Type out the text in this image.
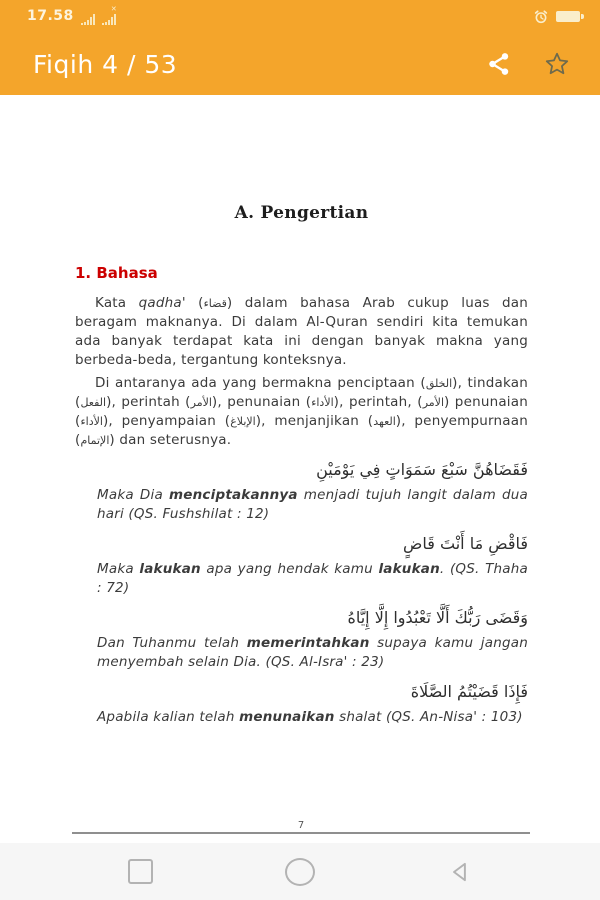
17.58	✕
Fiqih 4 / 53
A. Pengertian
1. Bahasa

Kata qadha' (قضاء) dalam bahasa Arab cukup luas dan beragam maknanya. Di dalam Al-Quran sendiri kita temukan ada banyak terdapat kata ini dengan banyak makna yang berbeda-beda, tergantung konteksnya.

Di antaranya ada yang bermakna penciptaan (الخلق), tindakan (الفعل), perintah (الأمر), penunaian (الأداء), perintah, (الأمر) penunaian (الأداء), penyampaian (الإبلاغ), menjanjikan (العهد), penyempurnaan (الإتمام) dan seterusnya.

فَقَضَاهُنَّ سَبْعَ سَمَوَاتٍ فِي يَوْمَيْنِ

Maka Dia menciptakannya menjadi tujuh langit dalam dua hari (QS. Fushshilat : 12)

فَاقْضِ مَا أَنْتَ قَاضٍ

Maka lakukan apa yang hendak kamu lakukan. (QS. Thaha : 72)

وَقَضَى رَبُّكَ أَلَّا تَعْبُدُوا إِلَّا إِيَّاهُ

Dan Tuhanmu telah memerintahkan supaya kamu jangan menyembah selain Dia. (QS. Al-Isra' : 23)

فَإِذَا قَضَيْتُمُ الصَّلَاةَ

Apabila kalian telah menunaikan shalat (QS. An-Nisa' : 103)

7
